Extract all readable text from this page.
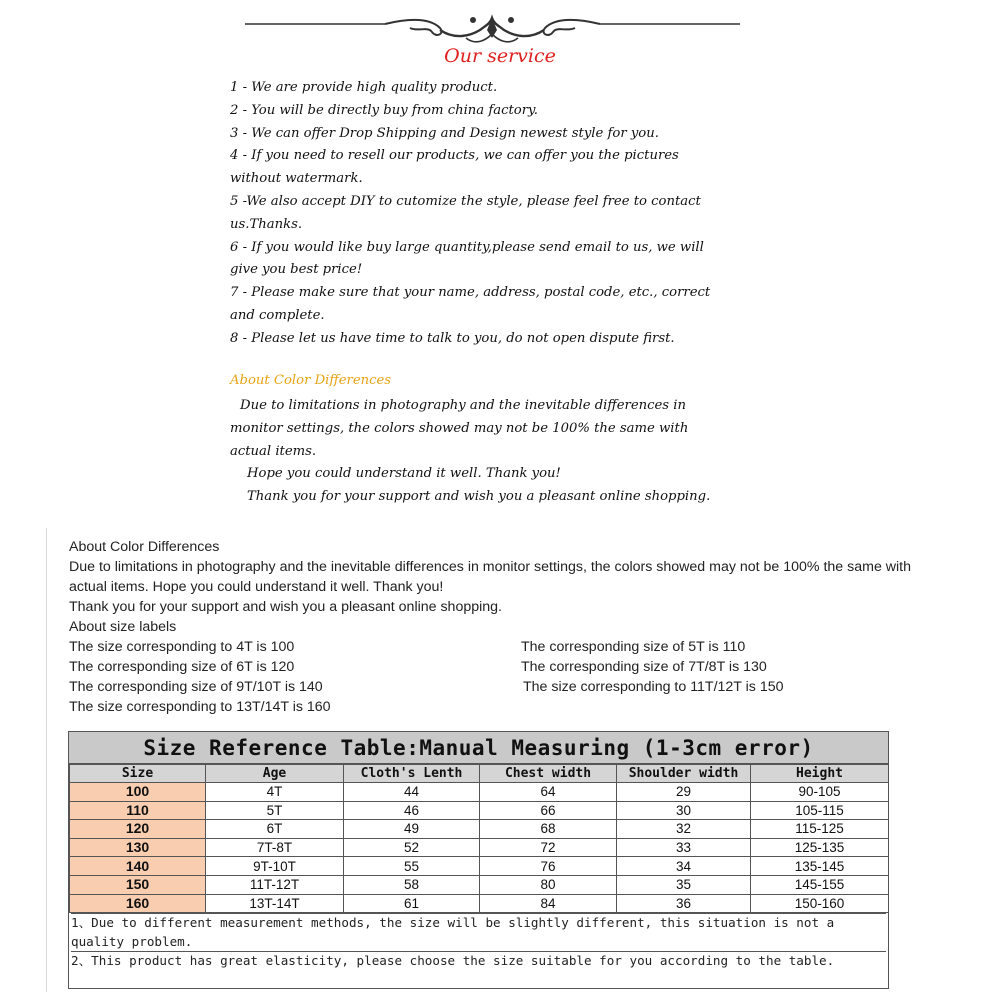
Our service

1 - We are provide high quality product.

2 - You will be directly buy from china factory.

3 - We can offer Drop Shipping and Design newest style for you.

4 - If you need to resell our products, we can offer you the pictures

without watermark.

5 -We also accept DIY to cutomize the style, please feel free to contact

us.Thanks.

6 - If you would like buy large quantity,please send email to us, we will

give you best price!

7 - Please make sure that your name, address, postal code, etc., correct

and complete.

8 - Please let us have time to talk to you, do not open dispute first.

About Color Differences

Due to limitations in photography and the inevitable differences in

monitor settings, the colors showed may not be 100% the same with

actual items.

Hope you could understand it well. Thank you!

Thank you for your support and wish you a pleasant online shopping.

About Color Differences

Due to limitations in photography and the inevitable differences in monitor settings, the colors showed may not be 100% the same with

actual items. Hope you could understand it well. Thank you!

Thank you for your support and wish you a pleasant online shopping.

About size labels

The size corresponding to 4T is 100	The corresponding size of 5T is 110
The corresponding size of 6T is 120	The corresponding size of 7T/8T is 130
The corresponding size of 9T/10T is 140	The size corresponding to 11T/12T is 150
The size corresponding to 13T/14T is 160
Size Reference Table:Manual Measuring (1-3cm error)
Size	Age	Cloth's Lenth	Chest width	Shoulder width	Height
100	4T	44	64	29	90-105
110	5T	46	66	30	105-115
120	6T	49	68	32	115-125
130	7T-8T	52	72	33	125-135
140	9T-10T	55	76	34	135-145
150	11T-12T	58	80	35	145-155
160	13T-14T	61	84	36	150-160

1、Due to different measurement methods, the size will be slightly different, this situation is not a quality problem.

2、This product has great elasticity, please choose the size suitable for you according to the table.
